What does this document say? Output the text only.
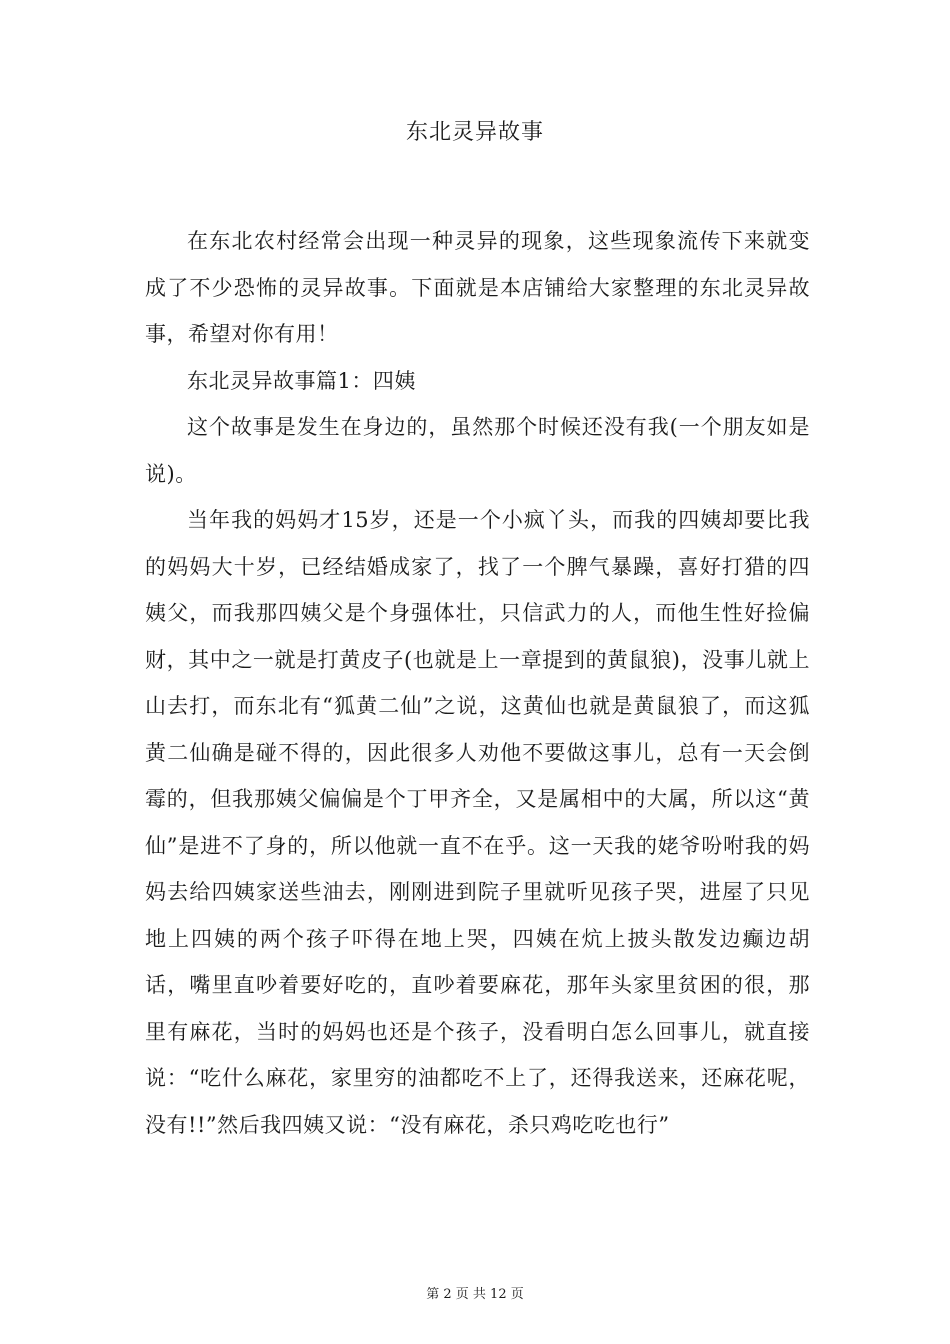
东北灵异故事

在东北农村经常会出现一种灵异的现象，这些现象流传下来就变成了不少恐怖的灵异故事。下面就是本店铺给大家整理的东北灵异故事，希望对你有用！

东北灵异故事篇1：四姨

这个故事是发生在身边的，虽然那个时候还没有我(一个朋友如是说)。

当年我的妈妈才15岁，还是一个小疯丫头，而我的四姨却要比我的妈妈大十岁，已经结婚成家了，找了一个脾气暴躁，喜好打猎的四姨父，而我那四姨父是个身强体壮，只信武力的人，而他生性好捡偏财，其中之一就是打黄皮子(也就是上一章提到的黄鼠狼)，没事儿就上山去打，而东北有“狐黄二仙”之说，这黄仙也就是黄鼠狼了，而这狐黄二仙确是碰不得的，因此很多人劝他不要做这事儿，总有一天会倒霉的，但我那姨父偏偏是个丁甲齐全，又是属相中的大属，所以这“黄仙”是进不了身的，所以他就一直不在乎。这一天我的姥爷吩咐我的妈妈去给四姨家送些油去，刚刚进到院子里就听见孩子哭，进屋了只见地上四姨的两个孩子吓得在地上哭，四姨在炕上披头散发边癫边胡话，嘴里直吵着要好吃的，直吵着要麻花，那年头家里贫困的很，那里有麻花，当时的妈妈也还是个孩子，没看明白怎么回事儿，就直接说：“吃什么麻花，家里穷的油都吃不上了，还得我送来，还麻花呢，没有!!”然后我四姨又说：“没有麻花，杀只鸡吃吃也行”

第 2 页 共 12 页
